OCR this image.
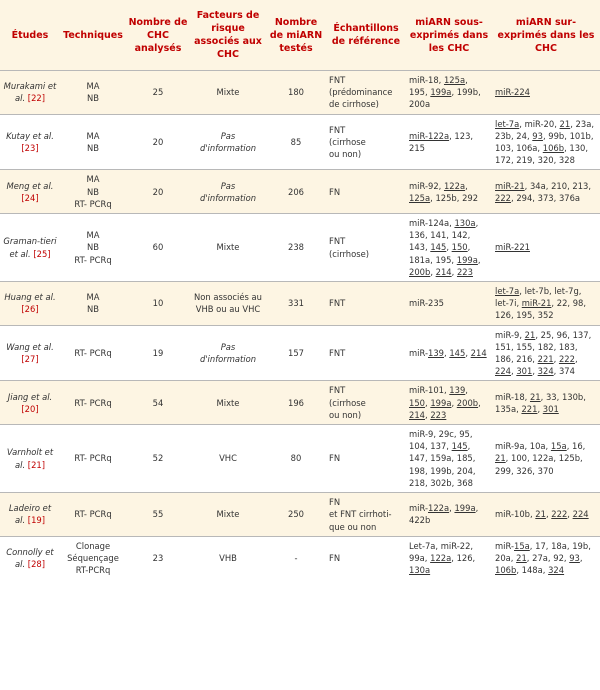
Études	Techniques	Nombre de CHC analysés	Facteurs de risque associés aux CHC	Nombre de miARN testés	Échantillons de référence	miARN sous-exprimés dans les CHC	miARN sur-exprimés dans les CHC
Murakami et al. [22]	MA
NB	25	Mixte	180	FNT
(prédominance
de cirrhose)	miR-18, 125a, 195, 199a, 199b, 200a	miR-224
Kutay et al. [23]	MA
NB	20	Pas d'information	85	FNT
(cirrhose
ou non)	miR-122a, 123, 215	let-7a, miR-20, 21, 23a, 23b, 24, 93, 99b, 101b, 103, 106a, 106b, 130, 172, 219, 320, 328
Meng et al. [24]	MA
NB
RT- PCRq	20	Pas d'information	206	FN	miR-92, 122a, 125a, 125b, 292	miR-21, 34a, 210, 213, 222, 294, 373, 376a
Graman-tieri et al. [25]	MA
NB
RT- PCRq	60	Mixte	238	FNT
(cirrhose)	miR-124a, 130a, 136, 141, 142, 143, 145, 150, 181a, 195, 199a, 200b, 214, 223	miR-221
Huang et al. [26]	MA
NB	10	Non associés au VHB ou au VHC	331	FNT	miR-235	let-7a, let-7b, let-7g, let-7i, miR-21, 22, 98, 126, 195, 352
Wang et al. [27]	RT- PCRq	19	Pas d'information	157	FNT	miR-139, 145, 214	miR-9, 21, 25, 96, 137, 151, 155, 182, 183, 186, 216, 221, 222, 224, 301, 324, 374
Jiang et al. [20]	RT- PCRq	54	Mixte	196	FNT
(cirrhose
ou non)	miR-101, 139, 150, 199a, 200b, 214, 223	miR-18, 21, 33, 130b, 135a, 221, 301
Varnholt et al. [21]	RT- PCRq	52	VHC	80	FN	miR-9, 29c, 95, 104, 137, 145, 147, 159a, 185, 198, 199b, 204, 218, 302b, 368	miR-9a, 10a, 15a, 16, 21, 100, 122a, 125b, 299, 326, 370
Ladeiro et al. [19]	RT- PCRq	55	Mixte	250	FN
et FNT cirrhoti-
que ou non	miR-122a, 199a, 422b	miR-10b, 21, 222, 224
Connolly et al. [28]	Clonage
Séquençage
RT-PCRq	23	VHB	-	FN	Let-7a, miR-22, 99a, 122a, 126, 130a	miR-15a, 17, 18a, 19b, 20a, 21, 27a, 92, 93, 106b, 148a, 324
